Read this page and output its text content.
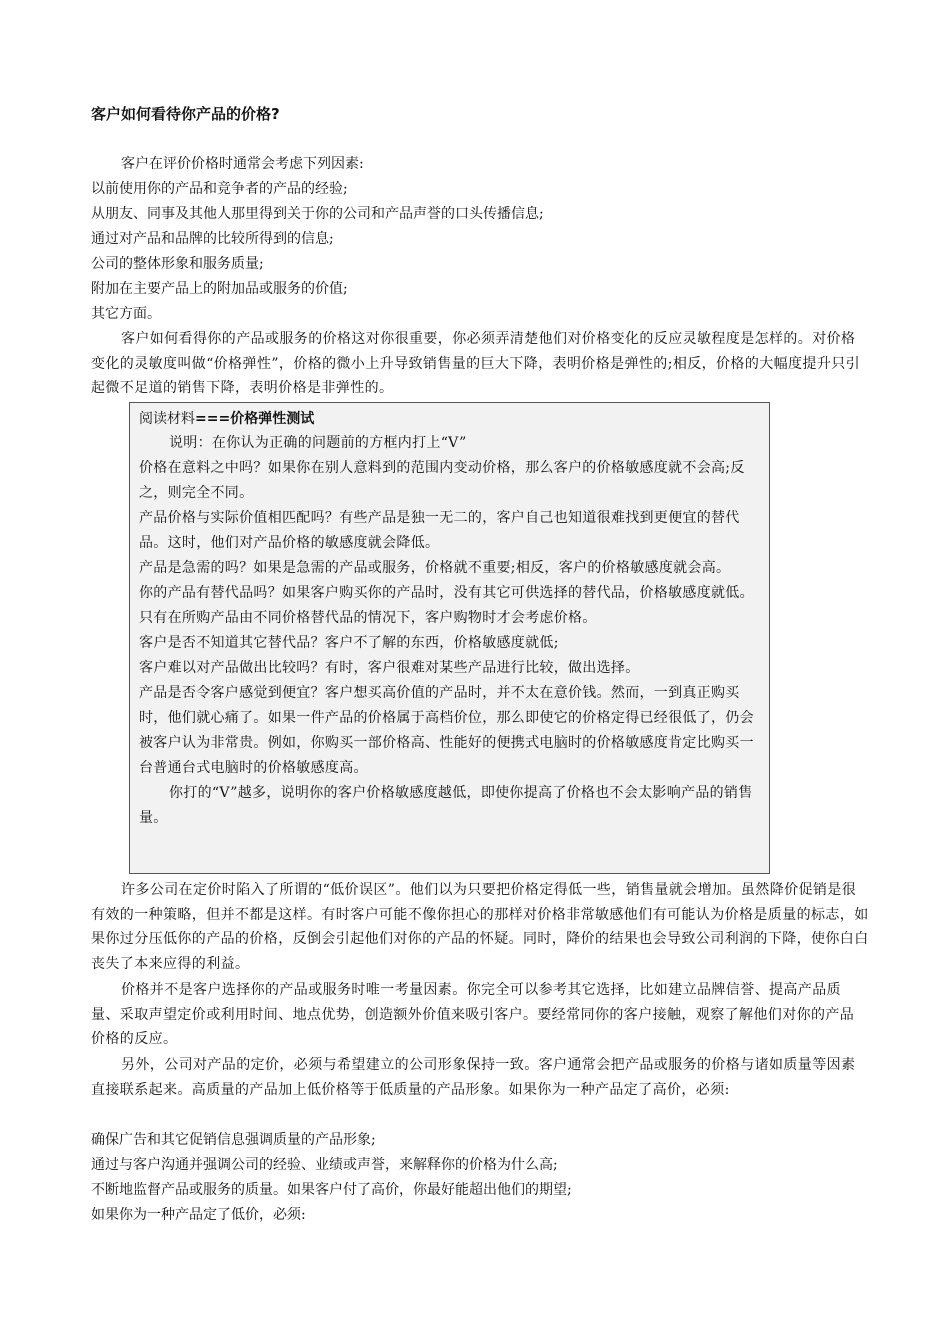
客户如何看待你产品的价格?
客户在评价价格时通常会考虑下列因素:
以前使用你的产品和竞争者的产品的经验;
从朋友、同事及其他人那里得到关于你的公司和产品声誉的口头传播信息;
通过对产品和品牌的比较所得到的信息;
公司的整体形象和服务质量;
附加在主要产品上的附加品或服务的价值;
其它方面。
客户如何看得你的产品或服务的价格这对你很重要，你必须弄清楚他们对价格变化的反应灵敏程度是怎样的。对价格变化的灵敏度叫做“价格弹性”，价格的微小上升导致销售量的巨大下降，表明价格是弹性的;相反，价格的大幅度提升只引起微不足道的销售下降，表明价格是非弹性的。
阅读材料===价格弹性测试

说明：在你认为正确的问题前的方框内打上“V”

价格在意料之中吗？如果你在别人意料到的范围内变动价格，那么客户的价格敏感度就不会高;反之，则完全不同。

产品价格与实际价值相匹配吗？有些产品是独一无二的，客户自己也知道很难找到更便宜的替代品。这时，他们对产品价格的敏感度就会降低。

产品是急需的吗？如果是急需的产品或服务，价格就不重要;相反，客户的价格敏感度就会高。

你的产品有替代品吗？如果客户购买你的产品时，没有其它可供选择的替代品，价格敏感度就低。只有在所购产品由不同价格替代品的情况下，客户购物时才会考虑价格。

客户是否不知道其它替代品？客户不了解的东西，价格敏感度就低;

客户难以对产品做出比较吗？有时，客户很难对某些产品进行比较，做出选择。

产品是否令客户感觉到便宜？客户想买高价值的产品时，并不太在意价钱。然而，一到真正购买时，他们就心痛了。如果一件产品的价格属于高档价位，那么即使它的价格定得已经很低了，仍会被客户认为非常贵。例如，你购买一部价格高、性能好的便携式电脑时的价格敏感度肯定比购买一台普通台式电脑时的价格敏感度高。

你打的“V”越多，说明你的客户价格敏感度越低，即使你提高了价格也不会太影响产品的销售量。

许多公司在定价时陷入了所谓的“低价误区”。他们以为只要把价格定得低一些，销售量就会增加。虽然降价促销是很有效的一种策略，但并不都是这样。有时客户可能不像你担心的那样对价格非常敏感他们有可能认为价格是质量的标志，如果你过分压低你的产品的价格，反倒会引起他们对你的产品的怀疑。同时，降价的结果也会导致公司利润的下降，使你白白丧失了本来应得的利益。
价格并不是客户选择你的产品或服务时唯一考量因素。你完全可以参考其它选择，比如建立品牌信誉、提高产品质量、采取声望定价或利用时间、地点优势，创造额外价值来吸引客户。要经常同你的客户接触，观察了解他们对你的产品价格的反应。
另外，公司对产品的定价，必须与希望建立的公司形象保持一致。客户通常会把产品或服务的价格与诸如质量等因素直接联系起来。高质量的产品加上低价格等于低质量的产品形象。如果你为一种产品定了高价，必须:
确保广告和其它促销信息强调质量的产品形象;
通过与客户沟通并强调公司的经验、业绩或声誉，来解释你的价格为什么高;
不断地监督产品或服务的质量。如果客户付了高价，你最好能超出他们的期望;
如果你为一种产品定了低价，必须:
